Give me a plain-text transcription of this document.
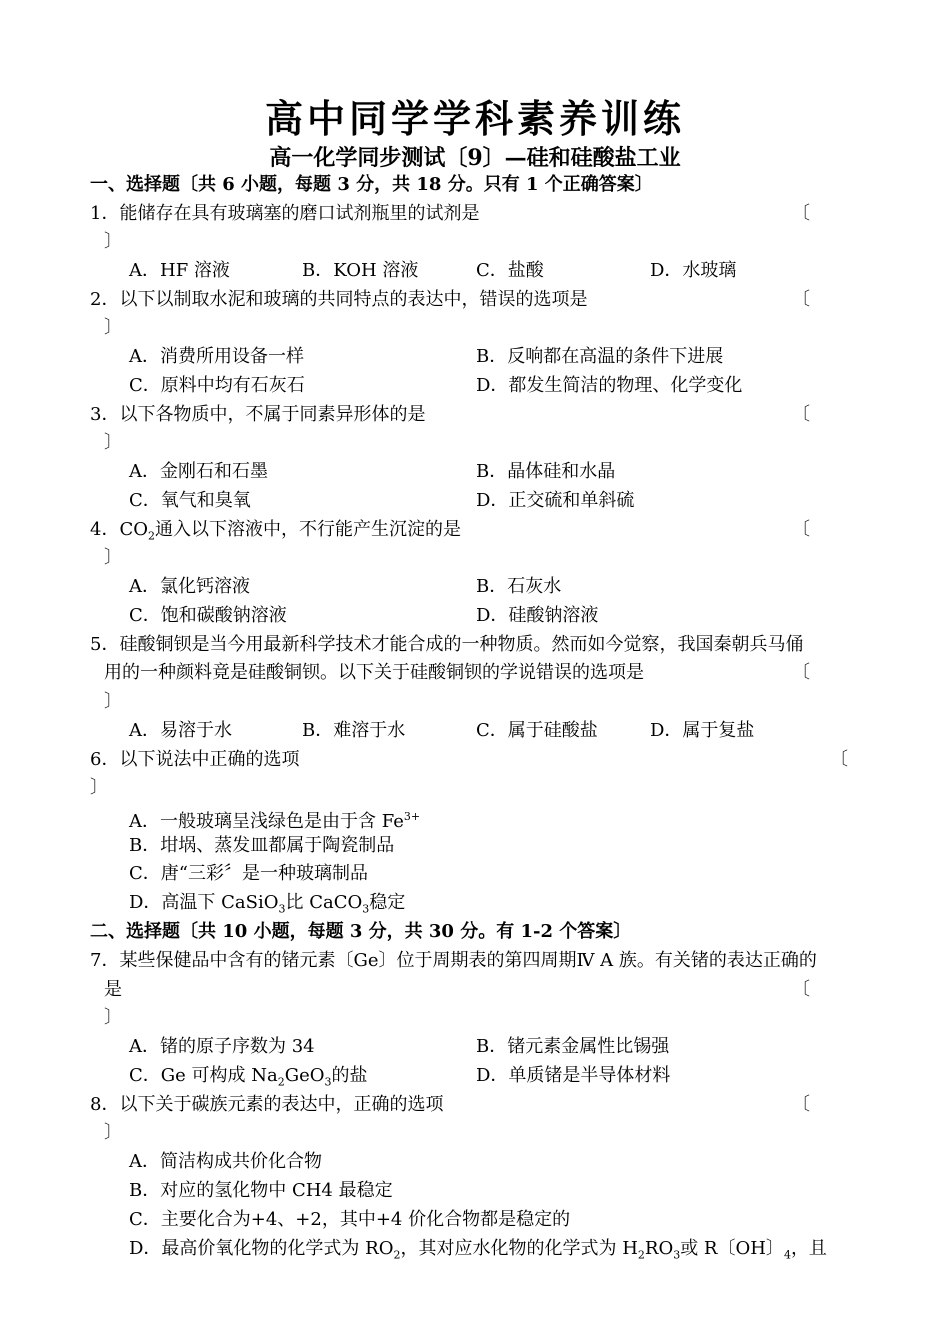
高中同学学科素养训练
高一化学同步测试〔9〕—硅和硅酸盐工业
一、选择题〔共 6 小题，每题 3 分，共 18 分。只有 1 个正确答案〕
1．能储存在具有玻璃塞的磨口试剂瓶里的试剂是	〔
〕
A．HF 溶液	B．KOH 溶液	C．盐酸	D．水玻璃
2．以下以制取水泥和玻璃的共同特点的表达中，错误的选项是	〔
〕
A．消费所用设备一样	B．反响都在高温的条件下进展
C．原料中均有石灰石	D．都发生简洁的物理、化学变化
3．以下各物质中，不属于同素异形体的是	〔
〕
A．金刚石和石墨	B．晶体硅和水晶
C．氧气和臭氧	D．正交硫和单斜硫
4．$CO_2$通入以下溶液中，不行能产生沉淀的是	〔
〕
A．氯化钙溶液	B．石灰水
C．饱和碳酸钠溶液	D．硅酸钠溶液
5．硅酸铜钡是当今用最新科学技术才能合成的一种物质。然而如今觉察，我国秦朝兵马俑
用的一种颜料竟是硅酸铜钡。以下关于硅酸铜钡的学说错误的选项是	〔
〕
A．易溶于水	B．难溶于水	C．属于硅酸盐	D．属于复盐
6．以下说法中正确的选项	〔
〕
A．一般玻璃呈浅绿色是由于含 $Fe^{3+}$
B．坩埚、蒸发皿都属于陶瓷制品
C．唐“三彩〞是一种玻璃制品
D．高温下 CaSiO$_3$比 CaCO$_3$稳定
二、选择题〔共 10 小题，每题 3 分，共 30 分。有 1-2 个答案〕
7．某些保健品中含有的锗元素〔Ge〕位于周期表的第四周期Ⅳ A 族。有关锗的表达正确的
是	〔
〕
A．锗的原子序数为 34	B．锗元素金属性比锡强
C．Ge 可构成 $Na_2GeO_3$的盐	D．单质锗是半导体材料
8．以下关于碳族元素的表达中，正确的选项	〔
〕
A．简洁构成共价化合物
B．对应的氢化物中 CH4 最稳定
C．主要化合为+4、+2，其中+4 价化合物都是稳定的
D．最高价氧化物的化学式为 $RO_2$，其对应水化物的化学式为 $H_2RO_3$或 R〔OH〕$_4$，且
